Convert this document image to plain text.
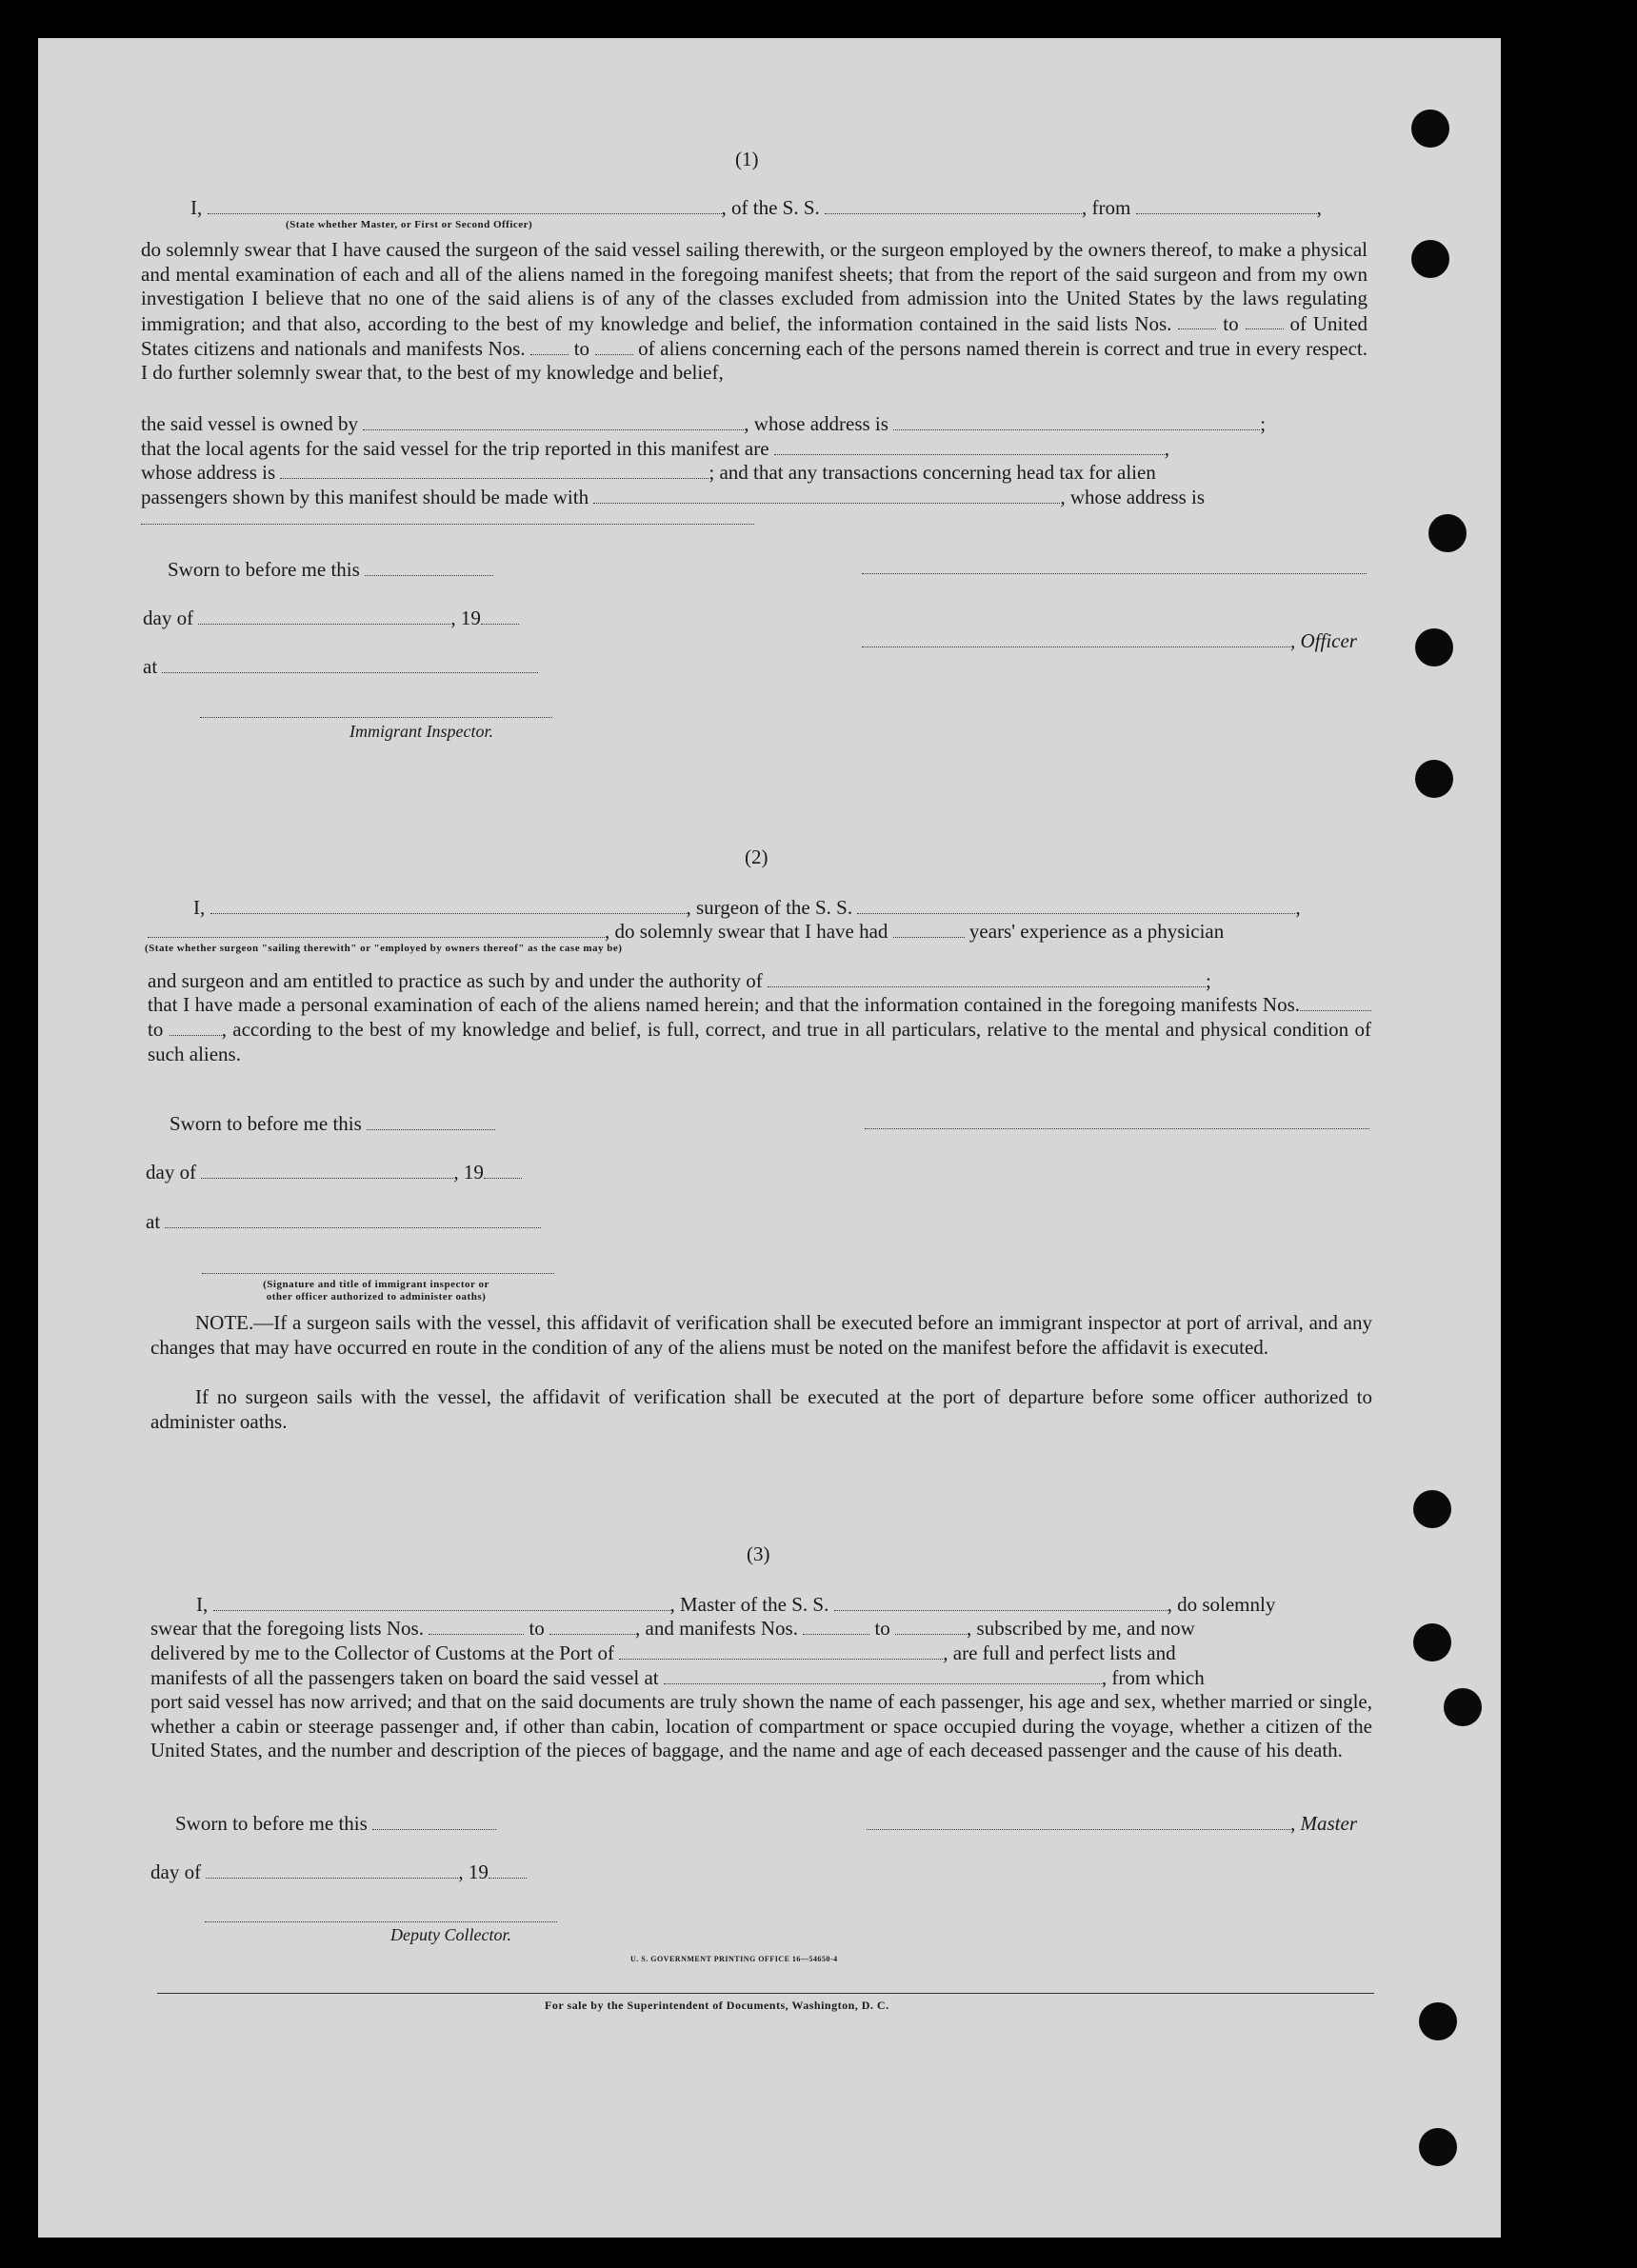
(1)
I,	, of the S. S.	, from	,
(State whether Master, or First or Second Officer)
do solemnly swear that I have caused the surgeon of the said vessel sailing therewith, or the surgeon employed by the owners thereof, to make a physical and mental examination of each and all of the aliens named in the foregoing manifest sheets; that from the report of the said surgeon and from my own investigation I believe that no one of the said aliens is of any of the classes excluded from admission into the United States by the laws regulating immigration; and that also, according to the best of my knowledge and belief, the information contained in the said lists Nos.	to	of United States citizens and nationals and manifests Nos. to of aliens concerning each of the persons named therein is correct and true in every respect. I do further solemnly swear that, to the best of my knowledge and belief,
the said vessel is owned by	, whose address is	;
that the local agents for the said vessel for the trip reported in this manifest are	,
whose address is	; and that any transactions concerning head tax for alien
passengers shown by this manifest should be made with	, whose address is
Sworn to before me this
day of	, 19
, Officer
at
Immigrant Inspector.
(2)
I,	, surgeon of the S. S.	,
, do solemnly swear that I have had	years' experience as a physician
(State whether surgeon "sailing therewith" or "employed by owners thereof" as the case may be)
and surgeon and am entitled to practice as such by and under the authority of	;
that I have made a personal examination of each of the aliens named herein; and that the information contained in the foregoing manifests Nos. to	, according to the best of my knowledge and belief, is full, correct, and true in all particulars, relative to the mental and physical condition of such aliens.
Sworn to before me this
day of	, 19
at
(Signature and title of immigrant inspector or
other officer authorized to administer oaths)
NOTE.—If a surgeon sails with the vessel, this affidavit of verification shall be executed before an immigrant inspector at port of arrival, and any changes that may have occurred en route in the condition of any of the aliens must be noted on the manifest before the affidavit is executed.
If no surgeon sails with the vessel, the affidavit of verification shall be executed at the port of departure before some officer authorized to administer oaths.
(3)
I,	, Master of the S. S.	, do solemnly
swear that the foregoing lists Nos.	to	, and manifests Nos.	to	, subscribed by me, and now
delivered by me to the Collector of Customs at the Port of	, are full and perfect lists and
manifests of all the passengers taken on board the said vessel at	, from which
port said vessel has now arrived; and that on the said documents are truly shown the name of each passenger, his age and sex, whether married or single, whether a cabin or steerage passenger and, if other than cabin, location of compartment or space occupied during the voyage, whether a citizen of the United States, and the number and description of the pieces of baggage, and the name and age of each deceased passenger and the cause of his death.
Sworn to before me this	, Master
day of	, 19
Deputy Collector.
U. S. GOVERNMENT PRINTING OFFICE 16—54650-4
For sale by the Superintendent of Documents, Washington, D. C.
